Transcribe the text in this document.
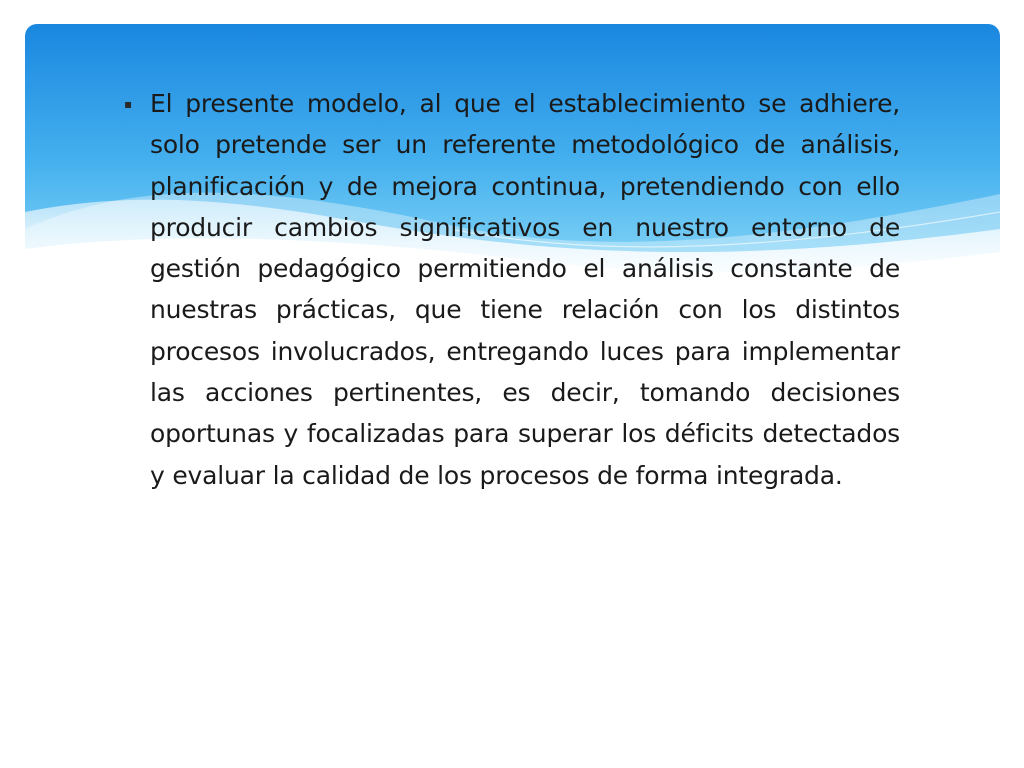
▪ El presente modelo, al que el establecimiento se adhiere, solo pretende ser un referente metodológico de análisis, planificación y de mejora continua, pretendiendo con ello producir cambios significativos en nuestro entorno de gestión pedagógico permitiendo el análisis constante de nuestras prácticas, que tiene relación con los distintos procesos involucrados, entregando luces para implementar las acciones pertinentes, es decir, tomando decisiones oportunas y focalizadas para superar los déficits detectados y evaluar la calidad de los procesos de forma integrada.
